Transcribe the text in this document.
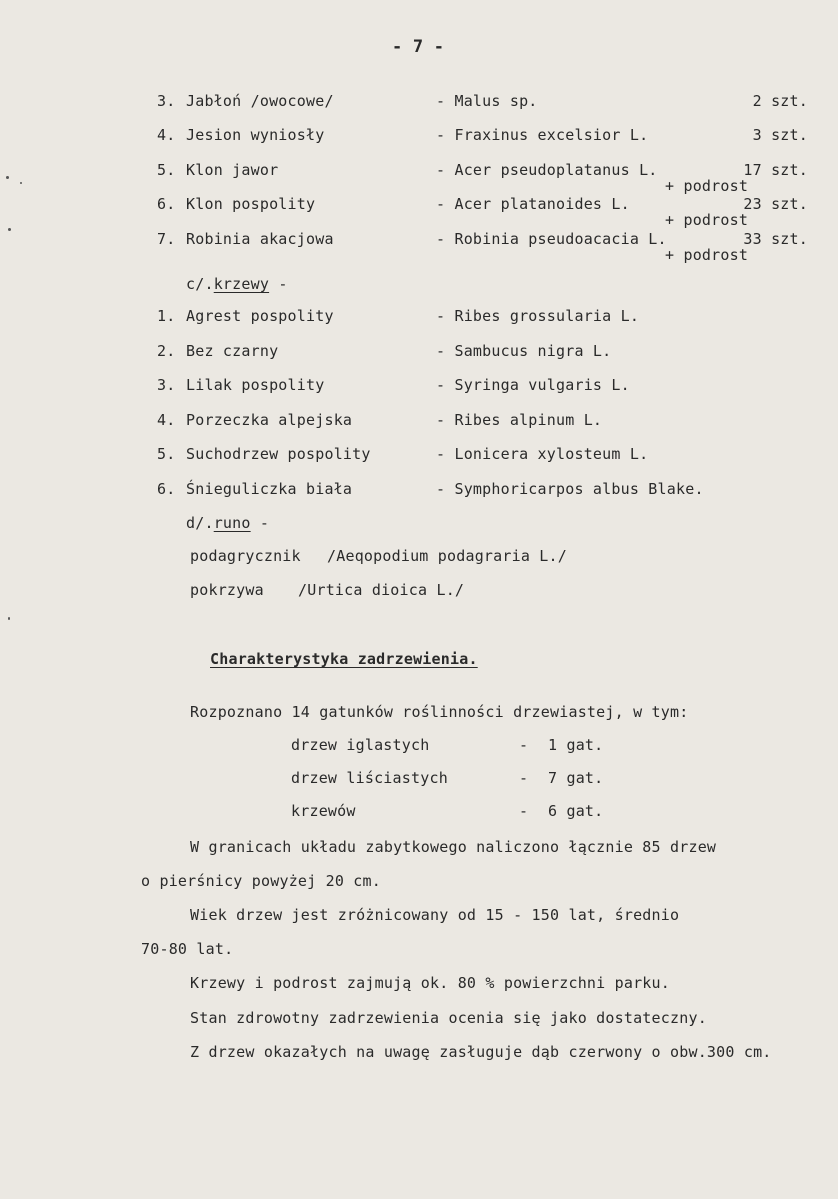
- 7 -
3. Jabłoń /owocowe/	- Malus sp.	2 szt.
4. Jesion wyniosły	- Fraxinus excelsior L.	3 szt.
5. Klon jawor	- Acer pseudoplatanus L.	17 szt.
+ podrost
6. Klon pospolity	- Acer platanoides L.	23 szt.
+ podrost
7. Robinia akacjowa	- Robinia pseudoacacia L.	33 szt.
+ podrost
c/.krzewy -
1. Agrest pospolity	- Ribes grossularia L.
2. Bez czarny	- Sambucus nigra L.
3. Lilak pospolity	- Syringa vulgaris L.
4. Porzeczka alpejska	- Ribes alpinum L.
5. Suchodrzew pospolity	- Lonicera xylosteum L.
6. Śnieguliczka biała	- Symphoricarpos albus Blake.
d/.runo -
podagrycznik /Aeqopodium podagraria L./
pokrzywa /Urtica dioica L./
Charakterystyka zadrzewienia.
Rozpoznano 14 gatunków roślinności drzewiastej, w tym:
drzew iglastych	- 1 gat.
drzew liściastych	- 7 gat.
krzewów	- 6 gat.
W granicach układu zabytkowego naliczono łącznie 85 drzew
o pierśnicy powyżej 20 cm.
Wiek drzew jest zróżnicowany od 15 - 150 lat, średnio
70-80 lat.
Krzewy i podrost zajmują ok. 80 % powierzchni parku.
Stan zdrowotny zadrzewienia ocenia się jako dostateczny.
Z drzew okazałych na uwagę zasługuje dąb czerwony o obw.300 cm.
